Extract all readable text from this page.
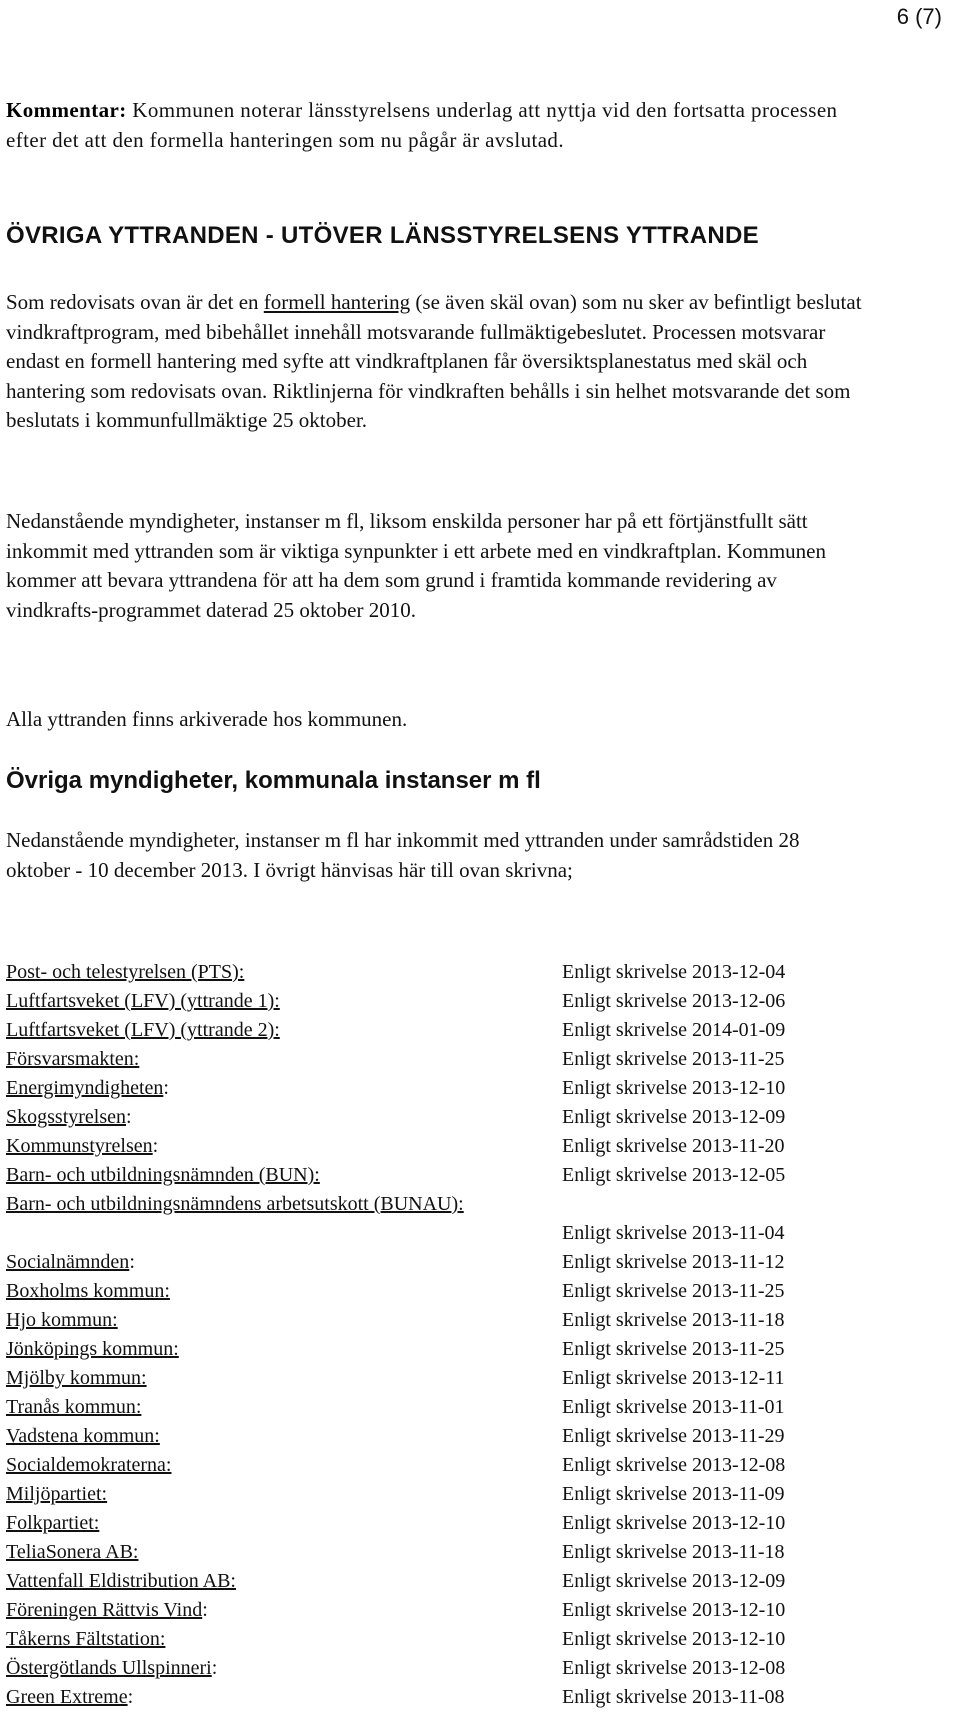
6 (7)

Kommentar: Kommunen noterar länsstyrelsens underlag att nyttja vid den fortsatta processen efter det att den formella hanteringen som nu pågår är avslutad.

ÖVRIGA YTTRANDEN - UTÖVER LÄNSSTYRELSENS YTTRANDE

Som redovisats ovan är det en formell hantering (se även skäl ovan) som nu sker av befintligt beslutat vindkraftprogram, med bibehållet innehåll motsvarande fullmäktigebeslutet. Processen motsvarar endast en formell hantering med syfte att vindkraftplanen får översiktsplanestatus med skäl och hantering som redovisats ovan. Riktlinjerna för vindkraften behålls i sin helhet motsvarande det som beslutats i kommunfullmäktige 25 oktober.

Nedanstående myndigheter, instanser m fl, liksom enskilda personer har på ett förtjänstfullt sätt inkommit med yttranden som är viktiga synpunkter i ett arbete med en vindkraftplan. Kommunen kommer att bevara yttrandena för att ha dem som grund i framtida kommande revidering av vindkrafts-programmet daterad 25 oktober 2010.

Alla yttranden finns arkiverade hos kommunen.

Övriga myndigheter, kommunala instanser m fl

Nedanstående myndigheter, instanser m fl har inkommit med yttranden under samrådstiden 28 oktober - 10 december 2013. I övrigt hänvisas här till ovan skrivna;

Post- och telestyrelsen (PTS):	Enligt skrivelse 2013-12-04
Luftfartsveket (LFV) (yttrande 1):	Enligt skrivelse 2013-12-06
Luftfartsveket (LFV) (yttrande 2):	Enligt skrivelse 2014-01-09
Försvarsmakten:	Enligt skrivelse 2013-11-25
Energimyndigheten:	Enligt skrivelse 2013-12-10
Skogsstyrelsen:	Enligt skrivelse 2013-12-09
Kommunstyrelsen:	Enligt skrivelse 2013-11-20
Barn- och utbildningsnämnden (BUN):	Enligt skrivelse 2013-12-05
Barn- och utbildningsnämndens arbetsutskott (BUNAU):
Enligt skrivelse 2013-11-04
Socialnämnden:	Enligt skrivelse 2013-11-12
Boxholms kommun:	Enligt skrivelse 2013-11-25
Hjo kommun:	Enligt skrivelse 2013-11-18
Jönköpings kommun:	Enligt skrivelse 2013-11-25
Mjölby kommun:	Enligt skrivelse 2013-12-11
Tranås kommun:	Enligt skrivelse 2013-11-01
Vadstena kommun:	Enligt skrivelse 2013-11-29
Socialdemokraterna:	Enligt skrivelse 2013-12-08
Miljöpartiet:	Enligt skrivelse 2013-11-09
Folkpartiet:	Enligt skrivelse 2013-12-10
TeliaSonera AB:	Enligt skrivelse 2013-11-18
Vattenfall Eldistribution AB:	Enligt skrivelse 2013-12-09
Föreningen Rättvis Vind:	Enligt skrivelse 2013-12-10
Tåkerns Fältstation:	Enligt skrivelse 2013-12-10
Östergötlands Ullspinneri:	Enligt skrivelse 2013-12-08
Green Extreme:	Enligt skrivelse 2013-11-08
